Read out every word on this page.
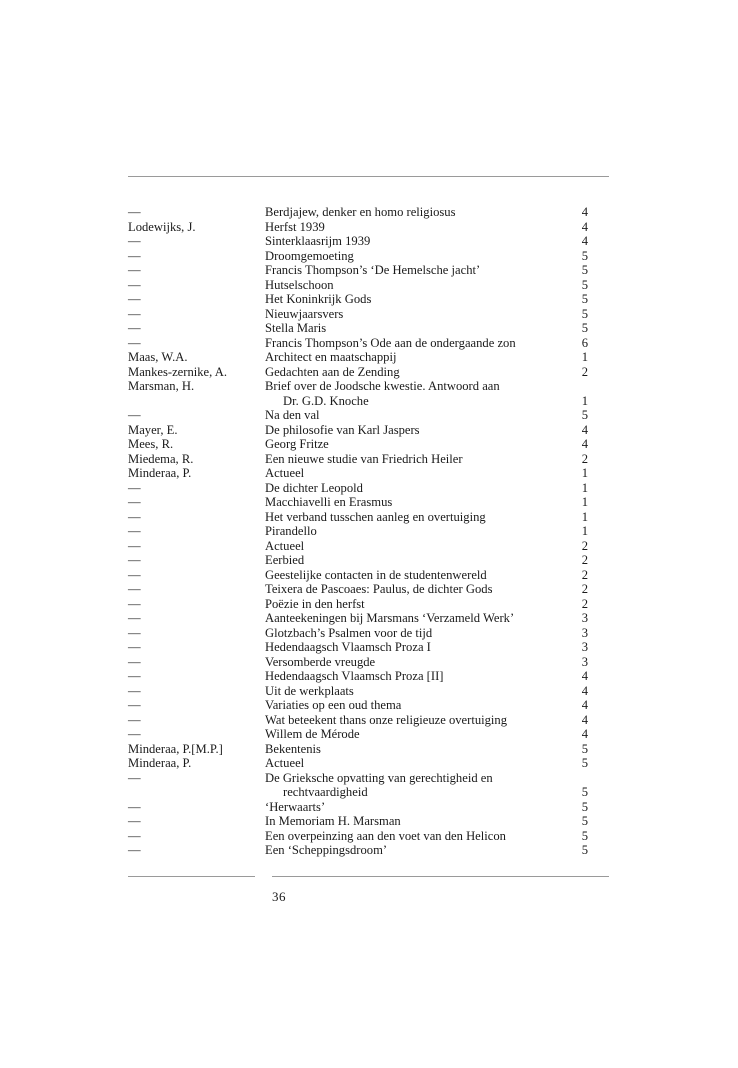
—	Berdjajew, denker en homo religiosus	4
Lodewijks, J.	Herfst 1939	4
—	Sinterklaasrijm 1939	4
—	Droomgemoeting	5
—	Francis Thompson’s ‘De Hemelsche jacht’	5
—	Hutselschoon	5
—	Het Koninkrijk Gods	5
—	Nieuwjaarsvers	5
—	Stella Maris	5
—	Francis Thompson’s Ode aan de ondergaande zon	6
Maas, W.A.	Architect en maatschappij	1
Mankes-zernike, A.	Gedachten aan de Zending	2
Marsman, H.	Brief over de Joodsche kwestie. Antwoord aan
Dr. G.D. Knoche	1
—	Na den val	5
Mayer, E.	De philosofie van Karl Jaspers	4
Mees, R.	Georg Fritze	4
Miedema, R.	Een nieuwe studie van Friedrich Heiler	2
Minderaa, P.	Actueel	1
—	De dichter Leopold	1
—	Macchiavelli en Erasmus	1
—	Het verband tusschen aanleg en overtuiging	1
—	Pirandello	1
—	Actueel	2
—	Eerbied	2
—	Geestelijke contacten in de studentenwereld	2
—	Teixera de Pascoaes: Paulus, de dichter Gods	2
—	Poëzie in den herfst	2
—	Aanteekeningen bij Marsmans ‘Verzameld Werk’	3
—	Glotzbach’s Psalmen voor de tijd	3
—	Hedendaagsch Vlaamsch Proza I	3
—	Versomberde vreugde	3
—	Hedendaagsch Vlaamsch Proza [II]	4
—	Uit de werkplaats	4
—	Variaties op een oud thema	4
—	Wat beteekent thans onze religieuze overtuiging	4
—	Willem de Mérode	4
Minderaa, P.[M.P.]	Bekentenis	5
Minderaa, P.	Actueel	5
—	De Grieksche opvatting van gerechtigheid en
rechtvaardigheid	5
—	‘Herwaarts’	5
—	In Memoriam H. Marsman	5
—	Een overpeinzing aan den voet van den Helicon	5
—	Een ‘Scheppingsdroom’	5
36
